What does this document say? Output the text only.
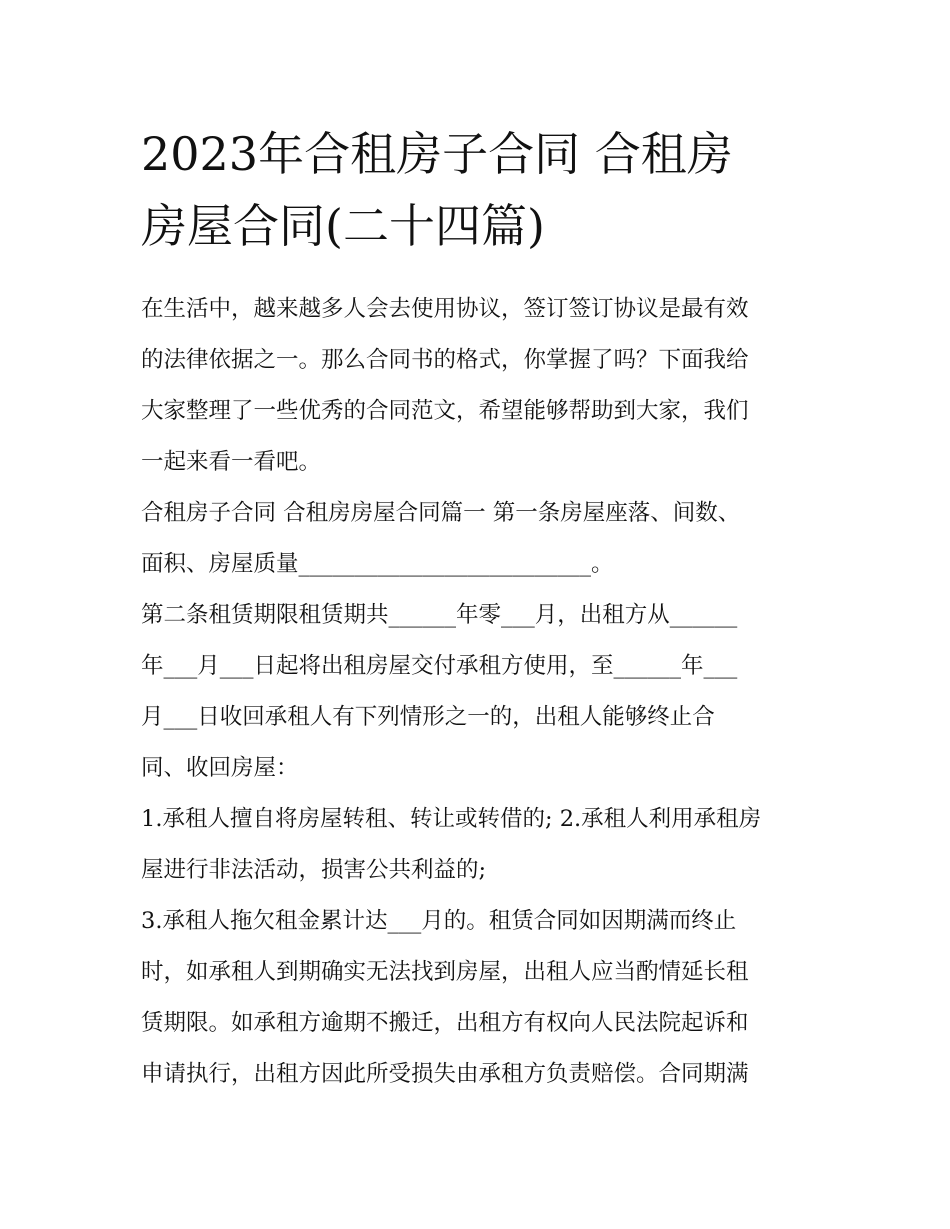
2023年合租房子合同 合租房
房屋合同(二十四篇)
在生活中，越来越多人会去使用协议，签订签订协议是最有效
的法律依据之一。那么合同书的格式，你掌握了吗？下面我给
大家整理了一些优秀的合同范文，希望能够帮助到大家，我们
一起来看一看吧。
合租房子合同 合租房房屋合同篇一 第一条房屋座落、间数、
面积、房屋质量__________________________。
第二条租赁期限租赁期共______年零___月，出租方从______
年___月___日起将出租房屋交付承租方使用，至______年___
月___日收回承租人有下列情形之一的，出租人能够终止合
同、收回房屋：
1.承租人擅自将房屋转租、转让或转借的; 2.承租人利用承租房
屋进行非法活动，损害公共利益的;
3.承租人拖欠租金累计达___月的。租赁合同如因期满而终止
时，如承租人到期确实无法找到房屋，出租人应当酌情延长租
赁期限。如承租方逾期不搬迁，出租方有权向人民法院起诉和
申请执行，出租方因此所受损失由承租方负责赔偿。合同期满
